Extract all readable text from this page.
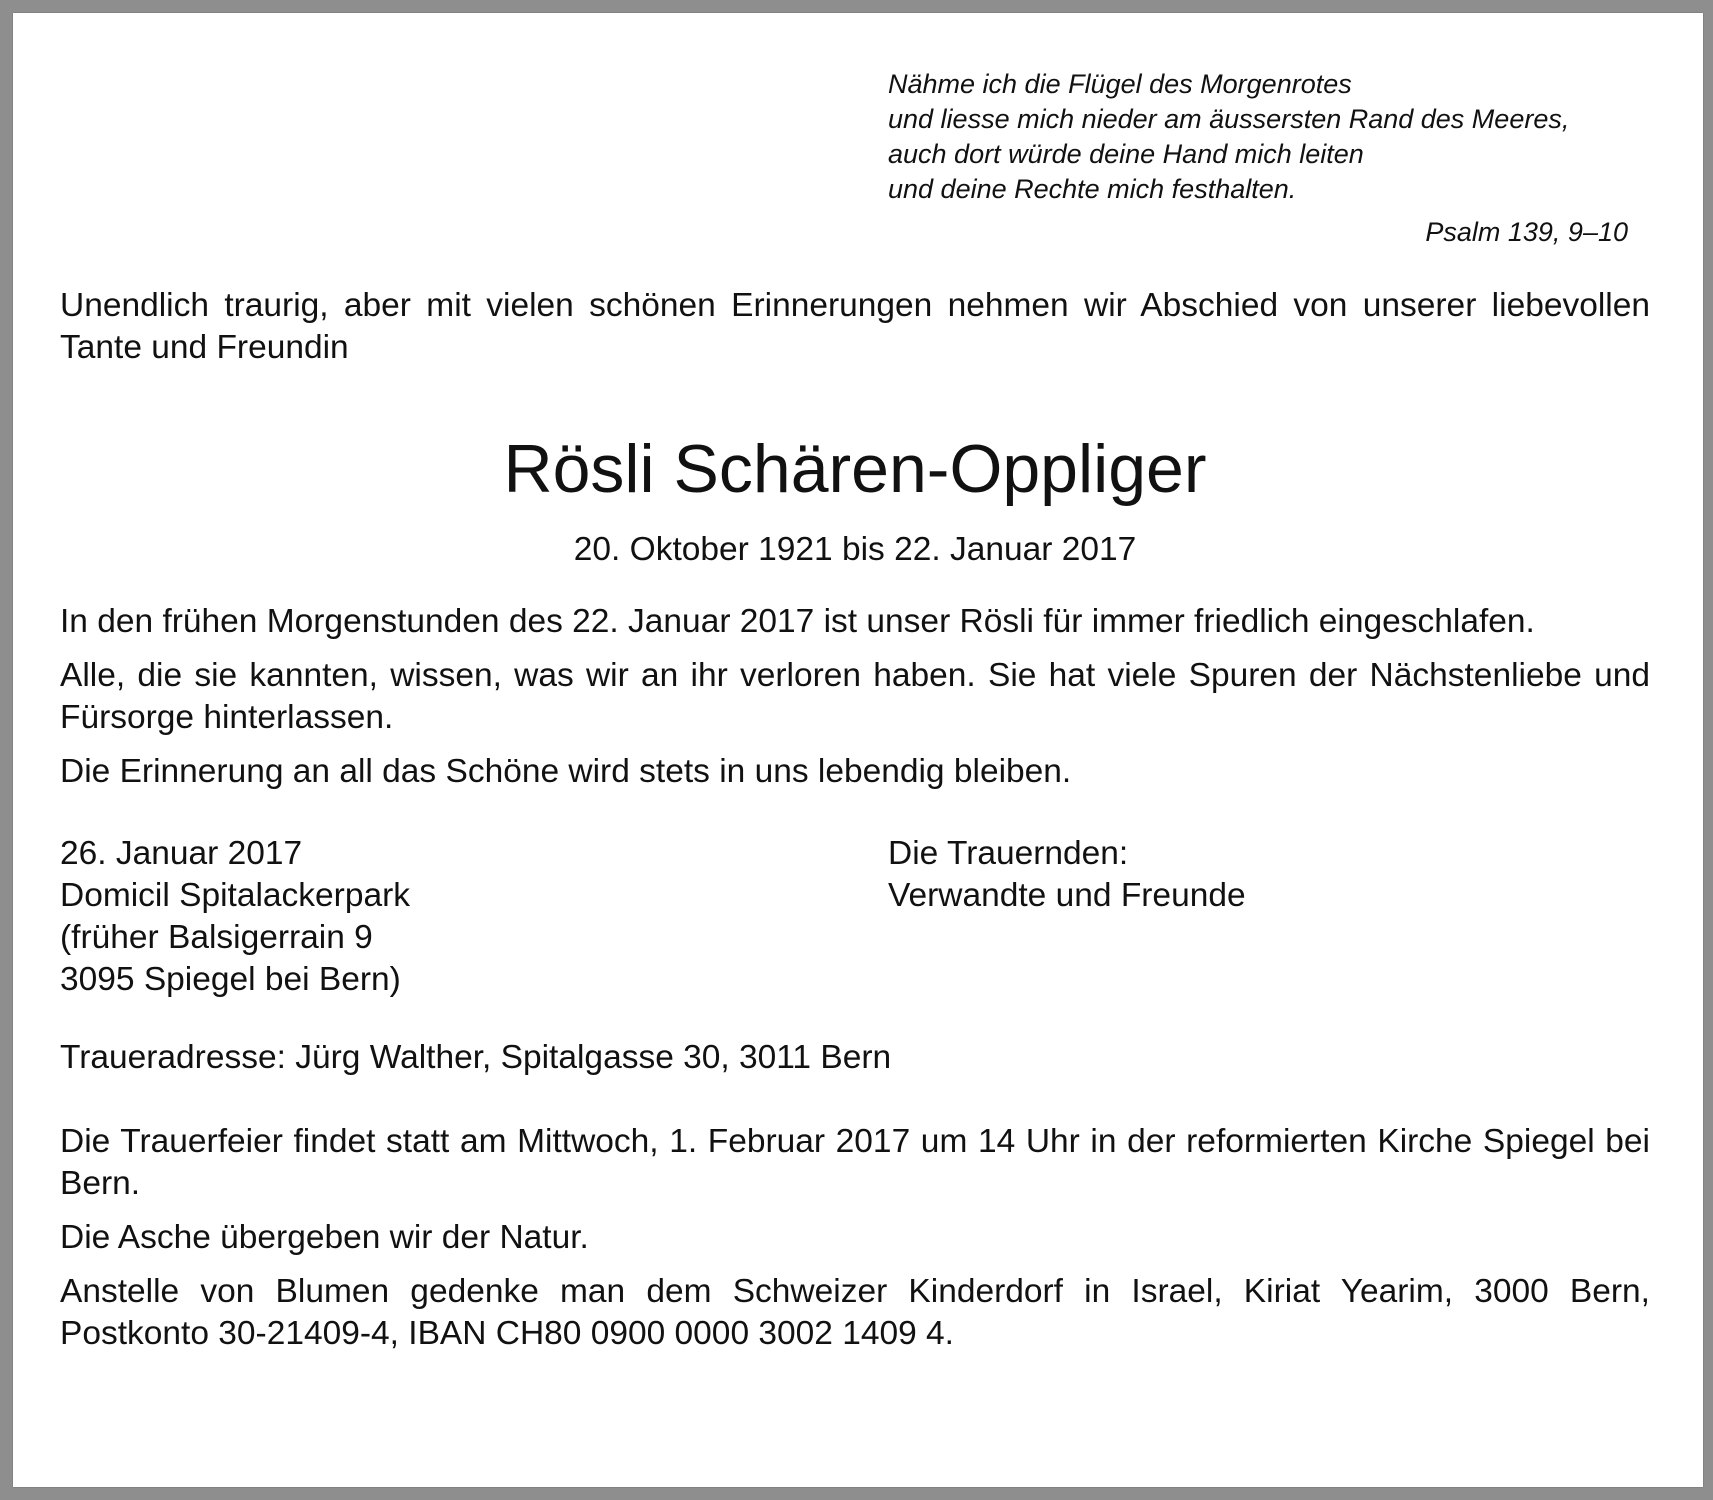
Nähme ich die Flügel des Morgenrotes
und liesse mich nieder am äussersten Rand des Meeres,
auch dort würde deine Hand mich leiten
und deine Rechte mich festhalten.
Psalm 139, 9–10

Unendlich traurig, aber mit vielen schönen Erinnerungen nehmen wir Abschied von unserer liebevollen Tante und Freundin

Rösli Schären-Oppliger

20. Oktober 1921 bis 22. Januar 2017

In den frühen Morgenstunden des 22. Januar 2017 ist unser Rösli für immer friedlich eingeschlafen.

Alle, die sie kannten, wissen, was wir an ihr verloren haben. Sie hat viele Spuren der Nächstenliebe und Fürsorge hinterlassen.

Die Erinnerung an all das Schöne wird stets in uns lebendig bleiben.

26. Januar 2017
Domicil Spitalackerpark
(früher Balsigerrain 9
3095 Spiegel bei Bern)
Die Trauernden:
Verwandte und Freunde

Traueradresse: Jürg Walther, Spitalgasse 30, 3011 Bern

Die Trauerfeier findet statt am Mittwoch, 1. Februar 2017 um 14 Uhr in der reformierten Kirche Spiegel bei Bern.

Die Asche übergeben wir der Natur.

Anstelle von Blumen gedenke man dem Schweizer Kinderdorf in Israel, Kiriat Yearim, 3000 Bern, Postkonto 30-21409-4, IBAN CH80 0900 0000 3002 1409 4.
